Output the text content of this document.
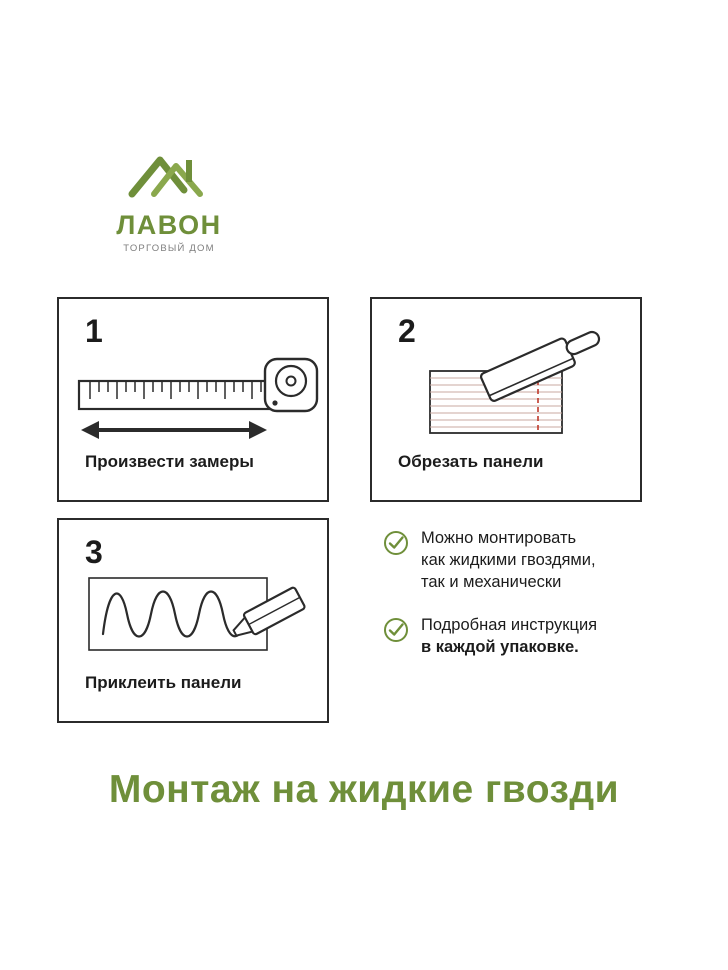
ЛАВОН
ТОРГОВЫЙ ДОМ
1
Произвести замеры
2
Обрезать панели
3
Приклеить панели
Можно монтировать
как жидкими гвоздями,
так и механически
Подробная инструкция
в каждой упаковке.
Монтаж на жидкие гвозди
